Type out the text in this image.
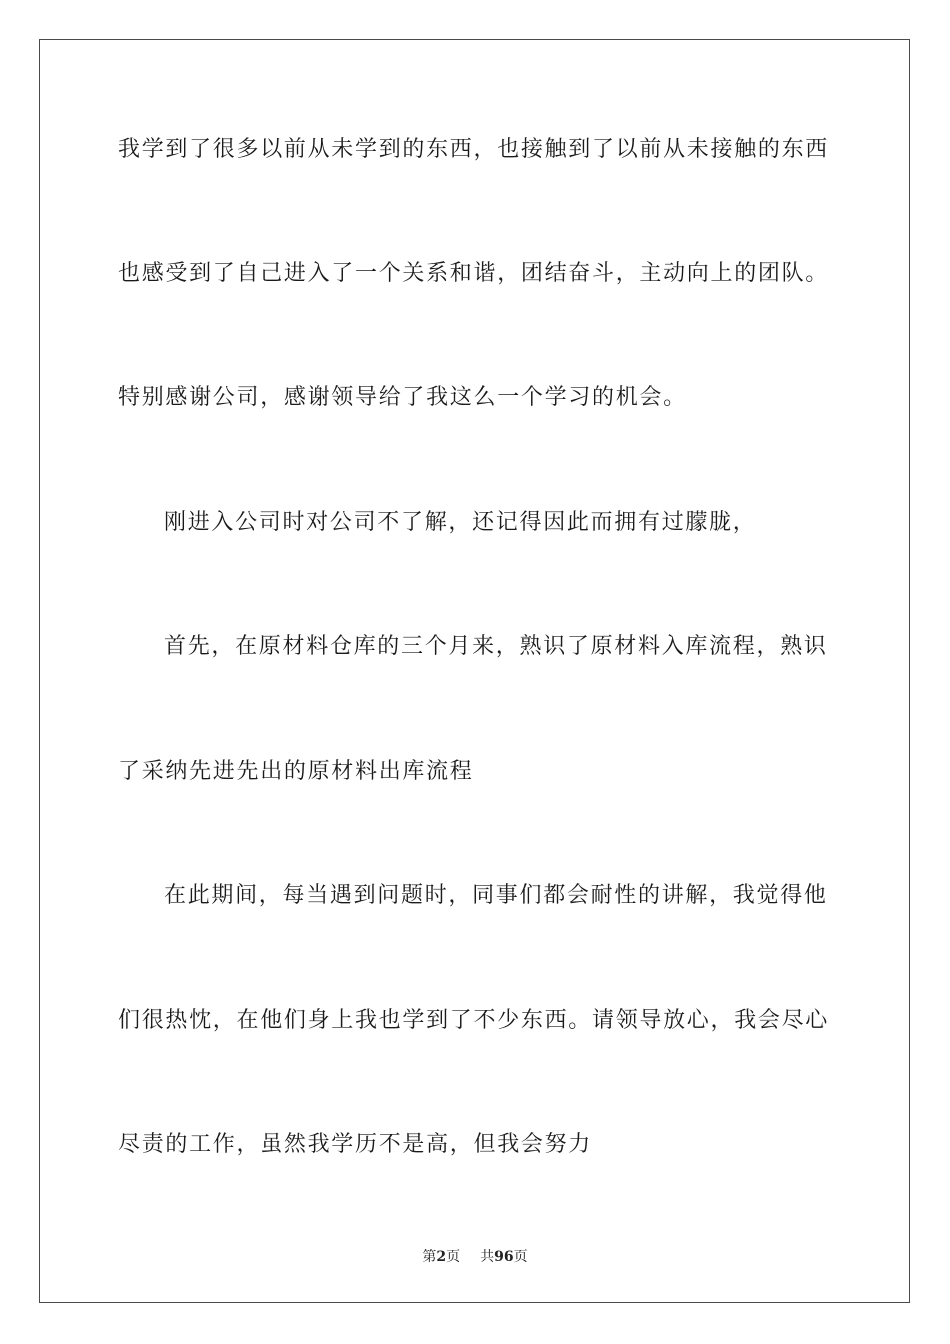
我学到了很多以前从未学到的东西，也接触到了以前从未接触的东西

也感受到了自己进入了一个关系和谐，团结奋斗，主动向上的团队。

特别感谢公司，感谢领导给了我这么一个学习的机会。

刚进入公司时对公司不了解，还记得因此而拥有过朦胧，

首先，在原材料仓库的三个月来，熟识了原材料入库流程，熟识

了采纳先进先出的原材料出库流程

在此期间，每当遇到问题时，同事们都会耐性的讲解，我觉得他

们很热忱，在他们身上我也学到了不少东西。请领导放心，我会尽心

尽责的工作，虽然我学历不是高，但我会努力

第2页 共96页
